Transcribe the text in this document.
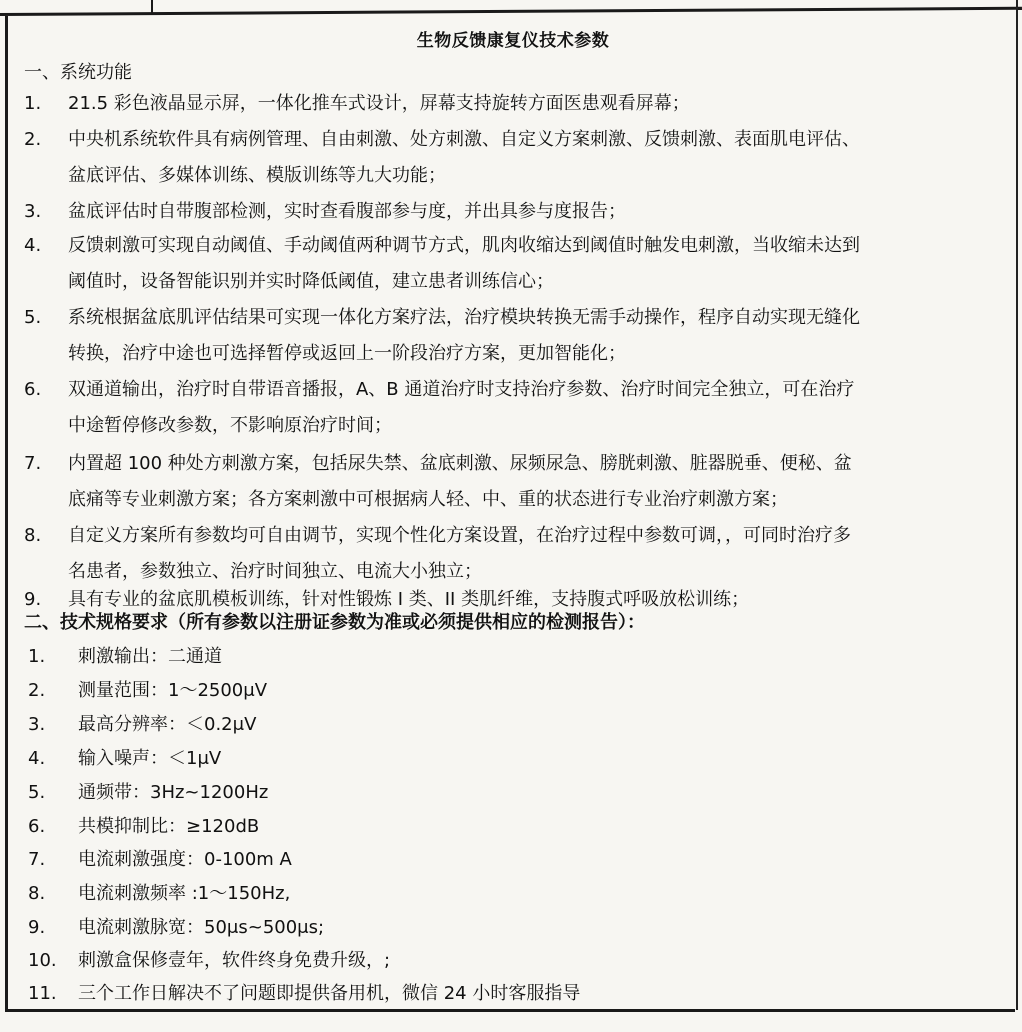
生物反馈康复仪技术参数
一、系统功能
1.	21.5 彩色液晶显示屏，一体化推车式设计，屏幕支持旋转方面医患观看屏幕；
2.	中央机系统软件具有病例管理、自由刺激、处方刺激、自定义方案刺激、反馈刺激、表面肌电评估、
盆底评估、多媒体训练、模版训练等九大功能；
3.	盆底评估时自带腹部检测，实时查看腹部参与度，并出具参与度报告；
4.	反馈刺激可实现自动阈值、手动阈值两种调节方式，肌肉收缩达到阈值时触发电刺激，当收缩未达到
阈值时，设备智能识别并实时降低阈值，建立患者训练信心；
5.	系统根据盆底肌评估结果可实现一体化方案疗法，治疗模块转换无需手动操作，程序自动实现无缝化
转换，治疗中途也可选择暂停或返回上一阶段治疗方案，更加智能化；
6.	双通道输出，治疗时自带语音播报，A、B 通道治疗时支持治疗参数、治疗时间完全独立，可在治疗
中途暂停修改参数，不影响原治疗时间；
7.	内置超 100 种处方刺激方案，包括尿失禁、盆底刺激、尿频尿急、膀胱刺激、脏器脱垂、便秘、盆
底痛等专业刺激方案；各方案刺激中可根据病人轻、中、重的状态进行专业治疗刺激方案；
8.	自定义方案所有参数均可自由调节，实现个性化方案设置，在治疗过程中参数可调，，可同时治疗多
名患者，参数独立、治疗时间独立、电流大小独立；
9.	具有专业的盆底肌模板训练，针对性锻炼 I 类、II 类肌纤维，支持腹式呼吸放松训练；
二、技术规格要求（所有参数以注册证参数为准或必须提供相应的检测报告）：
1.	刺激输出：二通道
2.	测量范围：1～2500μV
3.	最高分辨率：＜0.2μV
4.	输入噪声：＜1μV
5.	通频带：3Hz~1200Hz
6.	共模抑制比：≥120dB
7.	电流刺激强度：0-100m A
8.	电流刺激频率 :1～150Hz,
9.	电流刺激脉宽：50μs~500μs;
10.	刺激盒保修壹年，软件终身免费升级，;
11.	三个工作日解决不了问题即提供备用机，微信 24 小时客服指导
